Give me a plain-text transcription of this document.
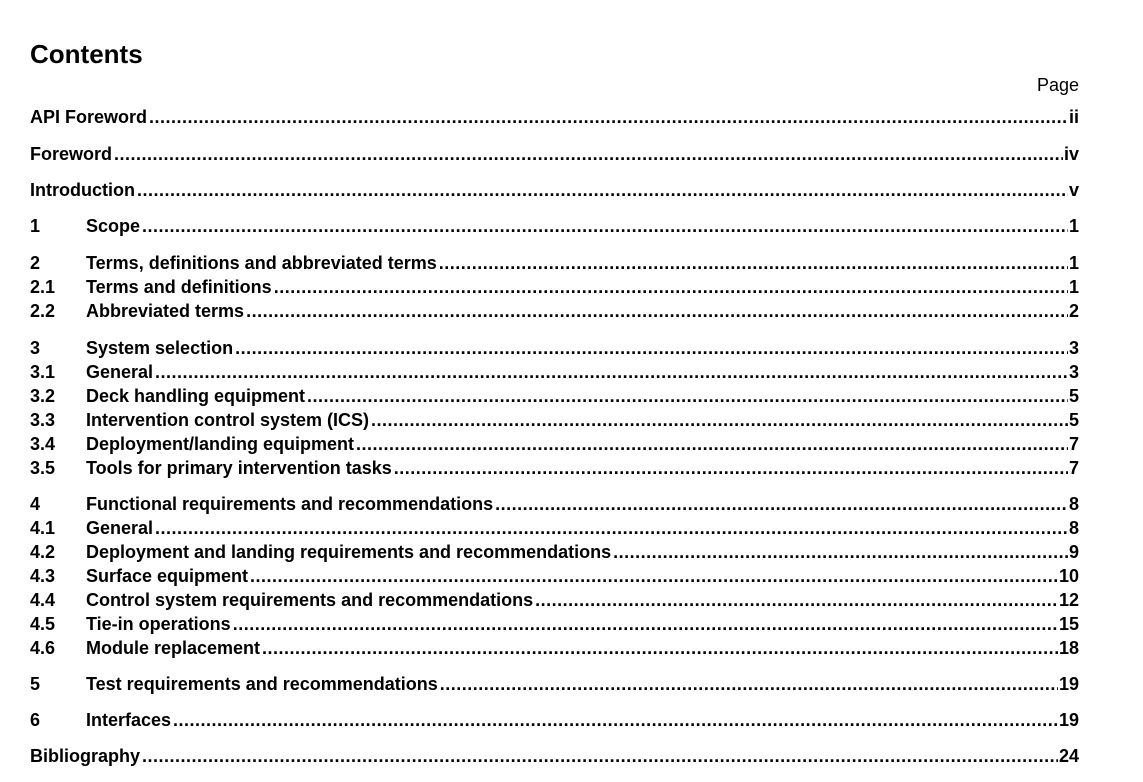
Contents
Page
API Foreword .....	ii
Foreword .....	iv
Introduction .....	v
1	Scope .....	1
2	Terms, definitions and abbreviated terms .....	1
2.1	Terms and definitions .....	1
2.2	Abbreviated terms .....	2
3	System selection .....	3
3.1	General .....	3
3.2	Deck handling equipment .....	5
3.3	Intervention control system (ICS) .....	5
3.4	Deployment/landing equipment .....	7
3.5	Tools for primary intervention tasks .....	7
4	Functional requirements and recommendations .....	8
4.1	General .....	8
4.2	Deployment and landing requirements and recommendations .....	9
4.3	Surface equipment .....	10
4.4	Control system requirements and recommendations .....	12
4.5	Tie-in operations .....	15
4.6	Module replacement .....	18
5	Test requirements and recommendations .....	19
6	Interfaces .....	19
Bibliography .....	24
